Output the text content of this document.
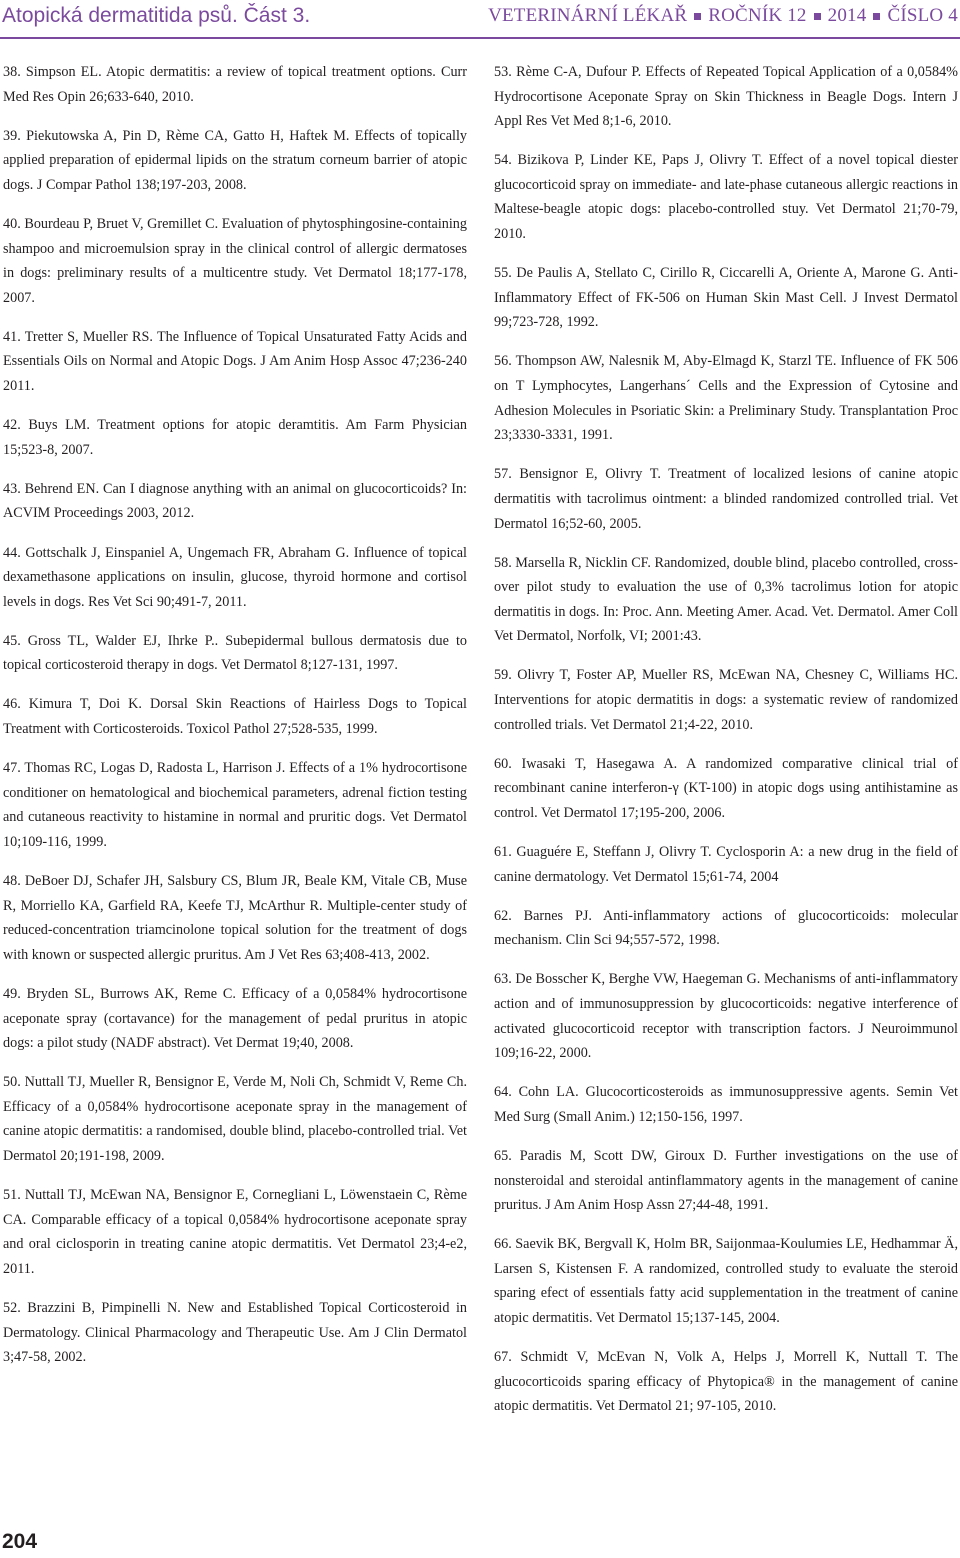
Atopická dermatitida psů. Část 3.	VETERINÁRNÍ LÉKAŘ ROČNÍK 12 2014 ČÍSLO 4

38. Simpson EL. Atopic dermatitis: a review of topical treatment options. Curr Med Res Opin 26;633-640, 2010.

39. Piekutowska A, Pin D, Rème CA, Gatto H, Haftek M. Effects of topically applied preparation of epidermal lipids on the stratum corneum barrier of atopic dogs. J Compar Pathol 138;197-203, 2008.

40. Bourdeau P, Bruet V, Gremillet C. Evaluation of phytosphingosine-containing shampoo and microemulsion spray in the clinical control of allergic dermatoses in dogs: preliminary results of a multicentre study. Vet Dermatol 18;177-178, 2007.

41. Tretter S, Mueller RS. The Influence of Topical Unsaturated Fatty Acids and Essentials Oils on Normal and Atopic Dogs. J Am Anim Hosp Assoc 47;236-240 2011.

42. Buys LM. Treatment options for atopic deramtitis. Am Farm Physician 15;523-8, 2007.

43. Behrend EN. Can I diagnose anything with an animal on glucocorticoids? In: ACVIM Proceedings 2003, 2012.

44. Gottschalk J, Einspaniel A, Ungemach FR, Abraham G. Influence of topical dexamethasone applications on insulin, glucose, thyroid hormone and cortisol levels in dogs. Res Vet Sci 90;491-7, 2011.

45. Gross TL, Walder EJ, Ihrke P.. Subepidermal bullous dermatosis due to topical corticosteroid therapy in dogs. Vet Dermatol 8;127-131, 1997.

46. Kimura T, Doi K. Dorsal Skin Reactions of Hairless Dogs to Topical Treatment with Corticosteroids. Toxicol Pathol 27;528-535, 1999.

47. Thomas RC, Logas D, Radosta L, Harrison J. Effects of a 1% hydrocortisone conditioner on hematological and biochemical parameters, adrenal fiction testing and cutaneous reactivity to histamine in normal and pruritic dogs. Vet Dermatol 10;109-116, 1999.

48. DeBoer DJ, Schafer JH, Salsbury CS, Blum JR, Beale KM, Vitale CB, Muse R, Morriello KA, Garfield RA, Keefe TJ, McArthur R. Multiple-center study of reduced-concentration triamcinolone topical solution for the treatment of dogs with known or suspected allergic pruritus. Am J Vet Res 63;408-413, 2002.

49. Bryden SL, Burrows AK, Reme C. Efficacy of a 0,0584% hydrocortisone aceponate spray (cortavance) for the management of pedal pruritus in atopic dogs: a pilot study (NADF abstract). Vet Dermat 19;40, 2008.

50. Nuttall TJ, Mueller R, Bensignor E, Verde M, Noli Ch, Schmidt V, Reme Ch. Efficacy of a 0,0584% hydrocortisone aceponate spray in the management of canine atopic dermatitis: a randomised, double blind, placebo-controlled trial. Vet Dermatol 20;191-198, 2009.

51. Nuttall TJ, McEwan NA, Bensignor E, Cornegliani L, Löwenstaein C, Rème CA. Comparable efficacy of a topical 0,0584% hydrocortisone aceponate spray and oral ciclosporin in treating canine atopic dermatitis. Vet Dermatol 23;4-e2, 2011.

52. Brazzini B, Pimpinelli N. New and Established Topical Corticosteroid in Dermatology. Clinical Pharmacology and Therapeutic Use. Am J Clin Dermatol 3;47-58, 2002.

53. Rème C-A, Dufour P. Effects of Repeated Topical Application of a 0,0584% Hydrocortisone Aceponate Spray on Skin Thickness in Beagle Dogs. Intern J Appl Res Vet Med 8;1-6, 2010.

54. Bizikova P, Linder KE, Paps J, Olivry T. Effect of a novel topical diester glucocorticoid spray on immediate- and late-phase cutaneous allergic reactions in Maltese-beagle atopic dogs: placebo-controlled stuy. Vet Dermatol 21;70-79, 2010.

55. De Paulis A, Stellato C, Cirillo R, Ciccarelli A, Oriente A, Marone G. Anti-Inflammatory Effect of FK-506 on Human Skin Mast Cell. J Invest Dermatol 99;723-728, 1992.

56. Thompson AW, Nalesnik M, Aby-Elmagd K, Starzl TE. Influence of FK 506 on T Lymphocytes, Langerhans´ Cells and the Expression of Cytosine and Adhesion Molecules in Psoriatic Skin: a Preliminary Study. Transplantation Proc 23;3330-3331, 1991.

57. Bensignor E, Olivry T. Treatment of localized lesions of canine atopic dermatitis with tacrolimus ointment: a blinded randomized controlled trial. Vet Dermatol 16;52-60, 2005.

58. Marsella R, Nicklin CF. Randomized, double blind, placebo controlled, cross-over pilot study to evaluation the use of 0,3% tacrolimus lotion for atopic dermatitis in dogs. In: Proc. Ann. Meeting Amer. Acad. Vet. Dermatol. Amer Coll Vet Dermatol, Norfolk, VI; 2001:43.

59. Olivry T, Foster AP, Mueller RS, McEwan NA, Chesney C, Williams HC. Interventions for atopic dermatitis in dogs: a systematic review of randomized controlled trials. Vet Dermatol 21;4-22, 2010.

60. Iwasaki T, Hasegawa A. A randomized comparative clinical trial of recombinant canine interferon-γ (KT-100) in atopic dogs using antihistamine as control. Vet Dermatol 17;195-200, 2006.

61. Guaguére E, Steffann J, Olivry T. Cyclosporin A: a new drug in the field of canine dermatology. Vet Dermatol 15;61-74, 2004

62. Barnes PJ. Anti-inflammatory actions of glucocorticoids: molecular mechanism. Clin Sci 94;557-572, 1998.

63. De Bosscher K, Berghe VW, Haegeman G. Mechanisms of anti-inflammatory action and of immunosuppression by glucocorticoids: negative interference of activated glucocorticoid receptor with transcription factors. J Neuroimmunol 109;16-22, 2000.

64. Cohn LA. Glucocorticosteroids as immunosuppressive agents. Semin Vet Med Surg (Small Anim.) 12;150-156, 1997.

65. Paradis M, Scott DW, Giroux D. Further investigations on the use of nonsteroidal and steroidal antinflammatory agents in the management of canine pruritus. J Am Anim Hosp Assn 27;44-48, 1991.

66. Saevik BK, Bergvall K, Holm BR, Saijonmaa-Koulumies LE, Hedhammar Ä, Larsen S, Kistensen F. A randomized, controlled study to evaluate the steroid sparing efect of essentials fatty acid supplementation in the treatment of canine atopic dermatitis. Vet Dermatol 15;137-145, 2004.

67. Schmidt V, McEvan N, Volk A, Helps J, Morrell K, Nuttall T. The glucocorticoids sparing efficacy of Phytopica® in the management of canine atopic dermatitis. Vet Dermatol 21; 97-105, 2010.

204
